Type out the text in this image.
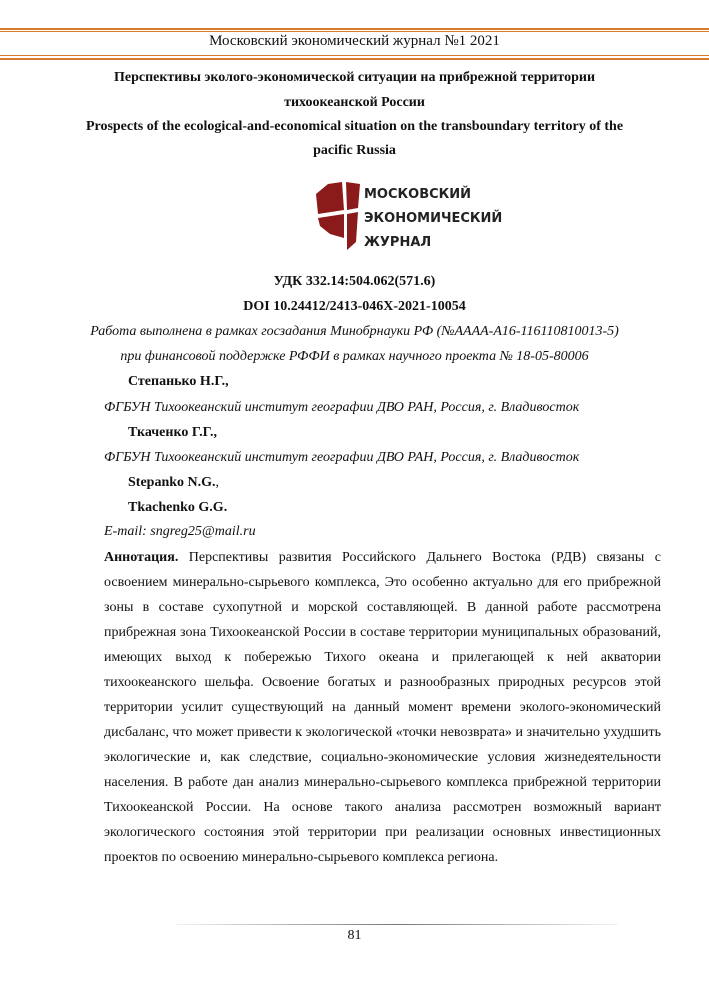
Московский экономический журнал №1 2021
Перспективы эколого-экономической ситуации на прибрежной территории
тихоокеанской России
Prospects of the ecological-and-economical situation on the transboundary territory of the
pacific Russia
МОСКОВСКИЙ
ЭКОНОМИЧЕСКИЙ
ЖУРНАЛ
УДК 332.14:504.062(571.6)
DOI 10.24412/2413-046Х-2021-10054
Работа выполнена в рамках госзадания Минобрнауки РФ (№АААА-А16-116110810013-5)
при финансовой поддержке РФФИ в рамках научного проекта № 18-05-80006
Степанько Н.Г.,
ФГБУН Тихоокеанский институт географии ДВО РАН, Россия, г. Владивосток
Ткаченко Г.Г.,
ФГБУН Тихоокеанский институт географии ДВО РАН, Россия, г. Владивосток
Stepanko N.G.,
Tkachenko G.G.
E-mail: sngreg25@mail.ru
Аннотация. Перспективы развития Российского Дальнего Востока (РДВ) связаны с освоением минерально-сырьевого комплекса, Это особенно актуально для его прибрежной зоны в составе сухопутной и морской составляющей. В данной работе рассмотрена прибрежная зона Тихоокеанской России в составе территории муниципальных образований, имеющих выход к побережью Тихого океана и прилегающей к ней акватории тихоокеанского шельфа. Освоение богатых и разнообразных природных ресурсов этой территории усилит существующий на данный момент времени эколого-экономический дисбаланс, что может привести к экологической «точки невозврата» и значительно ухудшить экологические и, как следствие, социально-экономические условия жизнедеятельности населения. В работе дан анализ минерально-сырьевого комплекса прибрежной территории Тихоокеанской России. На основе такого анализа рассмотрен возможный вариант экологического состояния этой территории при реализации основных инвестиционных проектов по освоению минерально-сырьевого комплекса региона.
81
